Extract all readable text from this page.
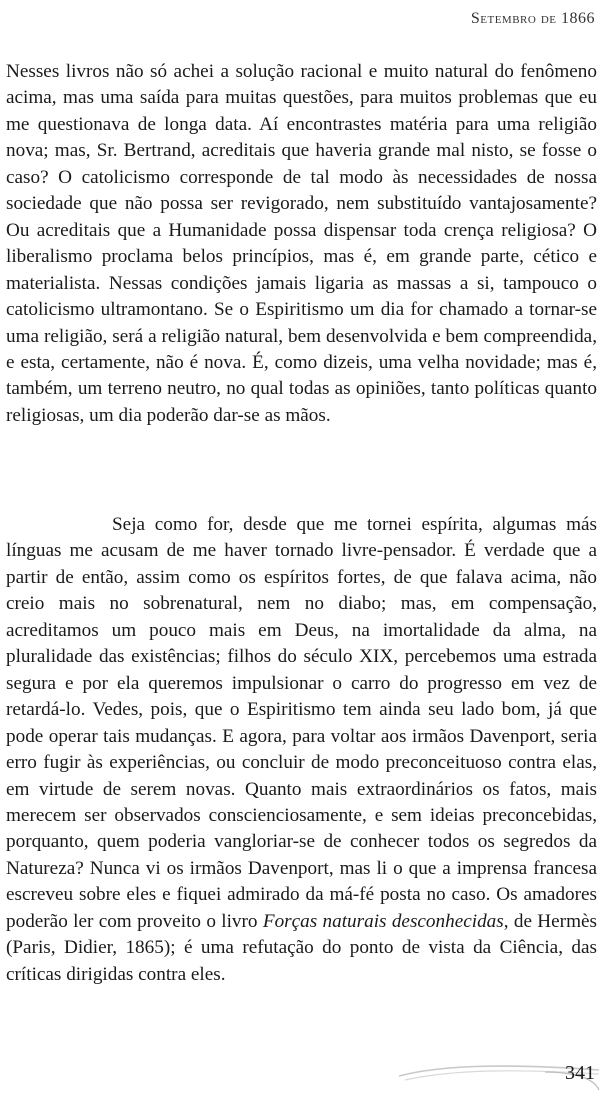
Setembro de 1866

Nesses livros não só achei a solução racional e muito natural do fenômeno acima, mas uma saída para muitas questões, para muitos problemas que eu me questionava de longa data. Aí encontrastes matéria para uma religião nova; mas, Sr. Bertrand, acreditais que haveria grande mal nisto, se fosse o caso? O catolicismo corresponde de tal modo às necessidades de nossa sociedade que não possa ser revigorado, nem substituído vantajosamente? Ou acreditais que a Humanidade possa dispensar toda crença religiosa? O liberalismo proclama belos princípios, mas é, em grande parte, cético e materialista. Nessas condições jamais ligaria as massas a si, tampouco o catolicismo ultramontano. Se o Espiritismo um dia for chamado a tornar-se uma religião, será a religião natural, bem desenvolvida e bem compreendida, e esta, certamente, não é nova. É, como dizeis, uma velha novidade; mas é, também, um terreno neutro, no qual todas as opiniões, tanto políticas quanto religiosas, um dia poderão dar-se as mãos.

Seja como for, desde que me tornei espírita, algumas más línguas me acusam de me haver tornado livre-pensador. É verdade que a partir de então, assim como os espíritos fortes, de que falava acima, não creio mais no sobrenatural, nem no diabo; mas, em compensação, acreditamos um pouco mais em Deus, na imortalidade da alma, na pluralidade das existências; filhos do século XIX, percebemos uma estrada segura e por ela queremos impulsionar o carro do progresso em vez de retardá-lo. Vedes, pois, que o Espiritismo tem ainda seu lado bom, já que pode operar tais mudanças. E agora, para voltar aos irmãos Davenport, seria erro fugir às experiências, ou concluir de modo preconceituoso contra elas, em virtude de serem novas. Quanto mais extraordinários os fatos, mais merecem ser observados conscienciosamente, e sem ideias preconcebidas, porquanto, quem poderia vangloriar-se de conhecer todos os segredos da Natureza? Nunca vi os irmãos Davenport, mas li o que a imprensa francesa escreveu sobre eles e fiquei admirado da má-fé posta no caso. Os amadores poderão ler com proveito o livro Forças naturais desconhecidas, de Hermès (Paris, Didier, 1865); é uma refutação do ponto de vista da Ciência, das críticas dirigidas contra eles.

341
